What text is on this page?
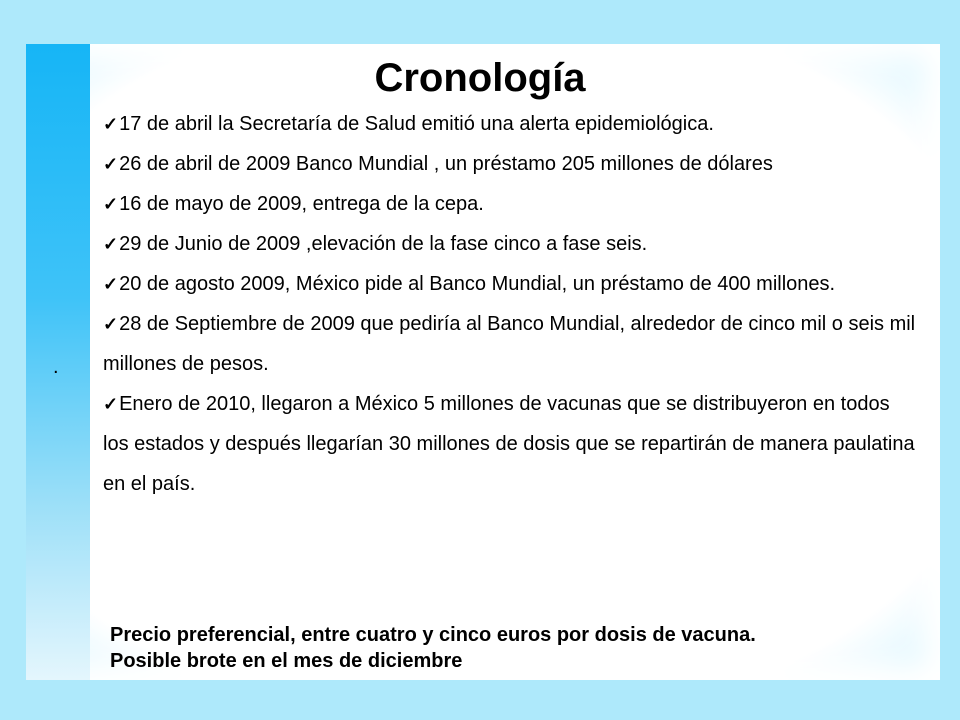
.
Cronología
✓17 de abril la Secretaría de Salud emitió una alerta epidemiológica.
✓26 de abril de 2009 Banco Mundial , un préstamo 205 millones de dólares
✓16 de mayo de 2009, entrega de la cepa.
✓29 de Junio de 2009 ,elevación de la fase cinco a fase seis.
✓20 de agosto 2009, México pide al Banco Mundial, un préstamo de 400 millones.
✓28 de Septiembre de 2009 que pediría al Banco Mundial, alrededor de cinco mil o seis mil millones de pesos.
✓Enero de 2010, llegaron a México 5 millones de vacunas que se distribuyeron en todos los estados y después llegarían 30 millones de dosis que se repartirán de manera paulatina en el país.
Precio preferencial, entre cuatro y cinco euros por dosis de vacuna.
Posible brote en el mes de diciembre
